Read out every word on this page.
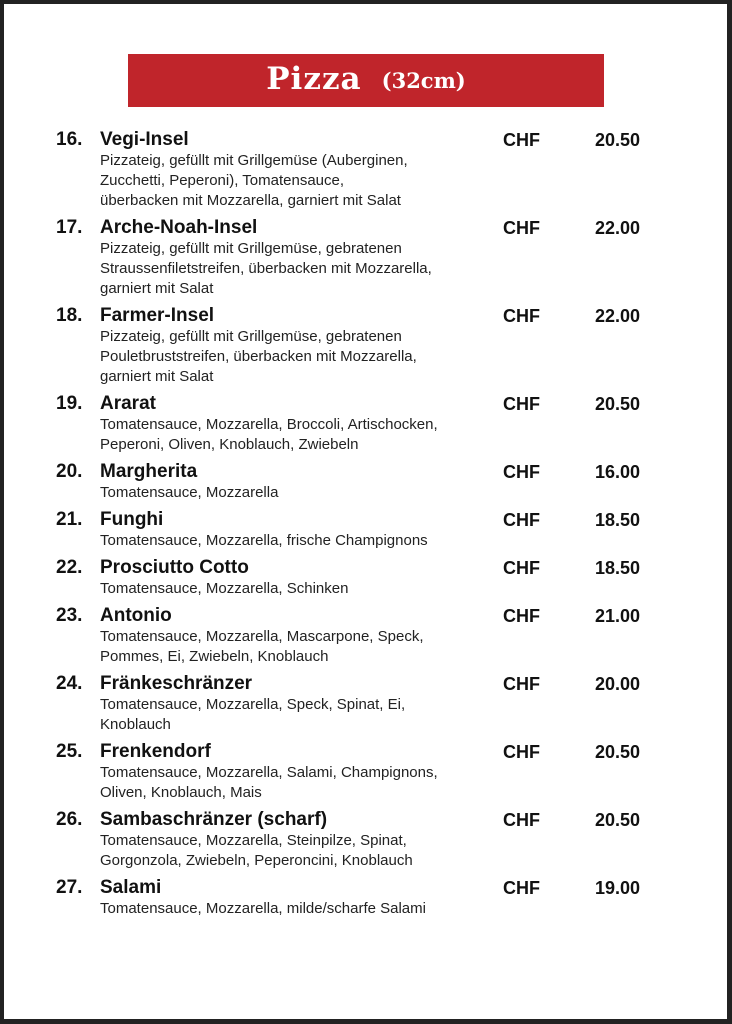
Pizza (32cm)
16. Vegi-Insel	CHF	20.50
Pizzateig, gefüllt mit Grillgemüse (Auberginen,
Zucchetti, Peperoni), Tomatensauce,
überbacken mit Mozzarella, garniert mit Salat
17. Arche-Noah-Insel	CHF	22.00
Pizzateig, gefüllt mit Grillgemüse, gebratenen
Straussenfiletstreifen, überbacken mit Mozzarella,
garniert mit Salat
18. Farmer-Insel	CHF	22.00
Pizzateig, gefüllt mit Grillgemüse, gebratenen
Pouletbruststreifen, überbacken mit Mozzarella,
garniert mit Salat
19. Ararat	CHF	20.50
Tomatensauce, Mozzarella, Broccoli, Artischocken,
Peperoni, Oliven, Knoblauch, Zwiebeln
20. Margherita	CHF	16.00
Tomatensauce, Mozzarella
21. Funghi	CHF	18.50
Tomatensauce, Mozzarella, frische Champignons
22. Prosciutto Cotto	CHF	18.50
Tomatensauce, Mozzarella, Schinken
23. Antonio	CHF	21.00
Tomatensauce, Mozzarella, Mascarpone, Speck,
Pommes, Ei, Zwiebeln, Knoblauch
24. Fränkeschränzer	CHF	20.00
Tomatensauce, Mozzarella, Speck, Spinat, Ei,
Knoblauch
25. Frenkendorf	CHF	20.50
Tomatensauce, Mozzarella, Salami, Champignons,
Oliven, Knoblauch, Mais
26. Sambaschränzer (scharf)	CHF	20.50
Tomatensauce, Mozzarella, Steinpilze, Spinat,
Gorgonzola, Zwiebeln, Peperoncini, Knoblauch
27. Salami	CHF	19.00
Tomatensauce, Mozzarella, milde/scharfe Salami
